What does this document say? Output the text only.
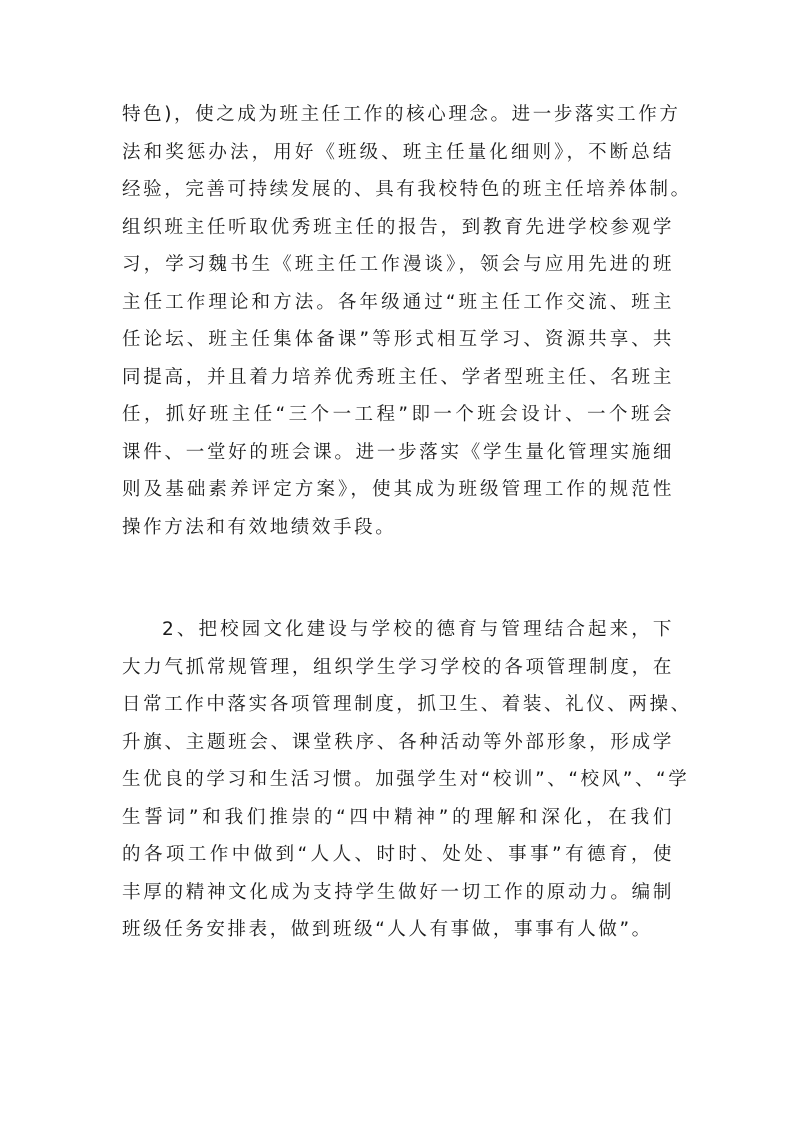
特色)，使之成为班主任工作的核心理念。进一步落实工作方
法和奖惩办法，用好《班级、班主任量化细则》，不断总结
经验，完善可持续发展的、具有我校特色的班主任培养体制。
组织班主任听取优秀班主任的报告，到教育先进学校参观学
习，学习魏书生《班主任工作漫谈》，领会与应用先进的班
主任工作理论和方法。各年级通过“班主任工作交流、班主
任论坛、班主任集体备课”等形式相互学习、资源共享、共
同提高，并且着力培养优秀班主任、学者型班主任、名班主
任，抓好班主任“三个一工程”即一个班会设计、一个班会
课件、一堂好的班会课。进一步落实《学生量化管理实施细
则及基础素养评定方案》，使其成为班级管理工作的规范性
操作方法和有效地绩效手段。
2、把校园文化建设与学校的德育与管理结合起来，下
大力气抓常规管理，组织学生学习学校的各项管理制度，在
日常工作中落实各项管理制度，抓卫生、着装、礼仪、两操、
升旗、主题班会、课堂秩序、各种活动等外部形象，形成学
生优良的学习和生活习惯。加强学生对“校训”、“校风”、“学
生誓词”和我们推崇的“四中精神”的理解和深化，在我们
的各项工作中做到“人人、时时、处处、事事”有德育，使
丰厚的精神文化成为支持学生做好一切工作的原动力。编制
班级任务安排表，做到班级“人人有事做，事事有人做”。
